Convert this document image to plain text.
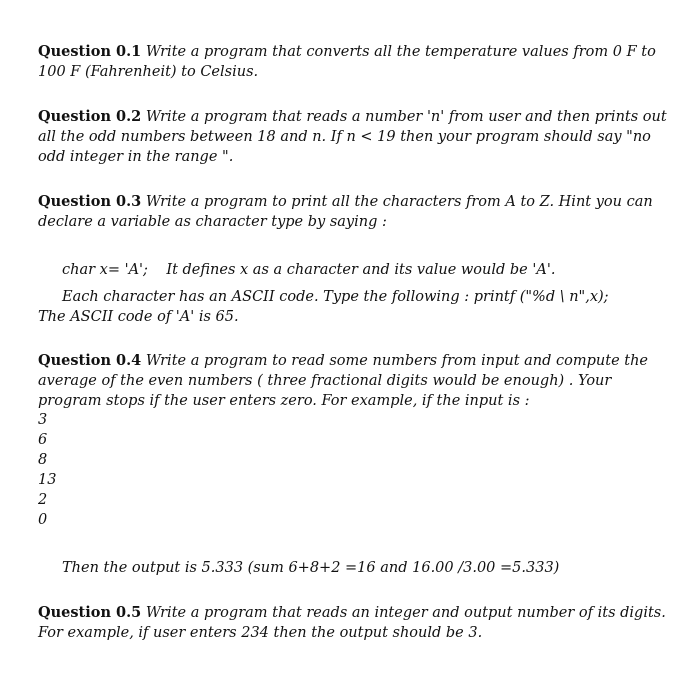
Question 0.1 Write a program that converts all the temperature values from 0 F to 100 F (Fahrenheit) to Celsius.
Question 0.2 Write a program that reads a number 'n' from user and then prints out all the odd numbers between 18 and n. If n < 19 then your program should say "no odd integer in the range ".
Question 0.3 Write a program to print all the characters from A to Z. Hint you can declare a variable as character type by saying :
char x= 'A';    It defines x as a character and its value would be 'A'.
Each character has an ASCII code. Type the following : printf ("%d \ n",x);
The ASCII code of 'A' is 65.
Question 0.4 Write a program to read some numbers from input and compute the average of the even numbers ( three fractional digits would be enough) . Your program stops if the user enters zero. For example, if the input is :
3
6
8
13
2
0
Then the output is 5.333 (sum 6+8+2 =16 and 16.00 /3.00 =5.333)
Question 0.5 Write a program that reads an integer and output number of its digits. For example, if user enters 234 then the output should be 3.
